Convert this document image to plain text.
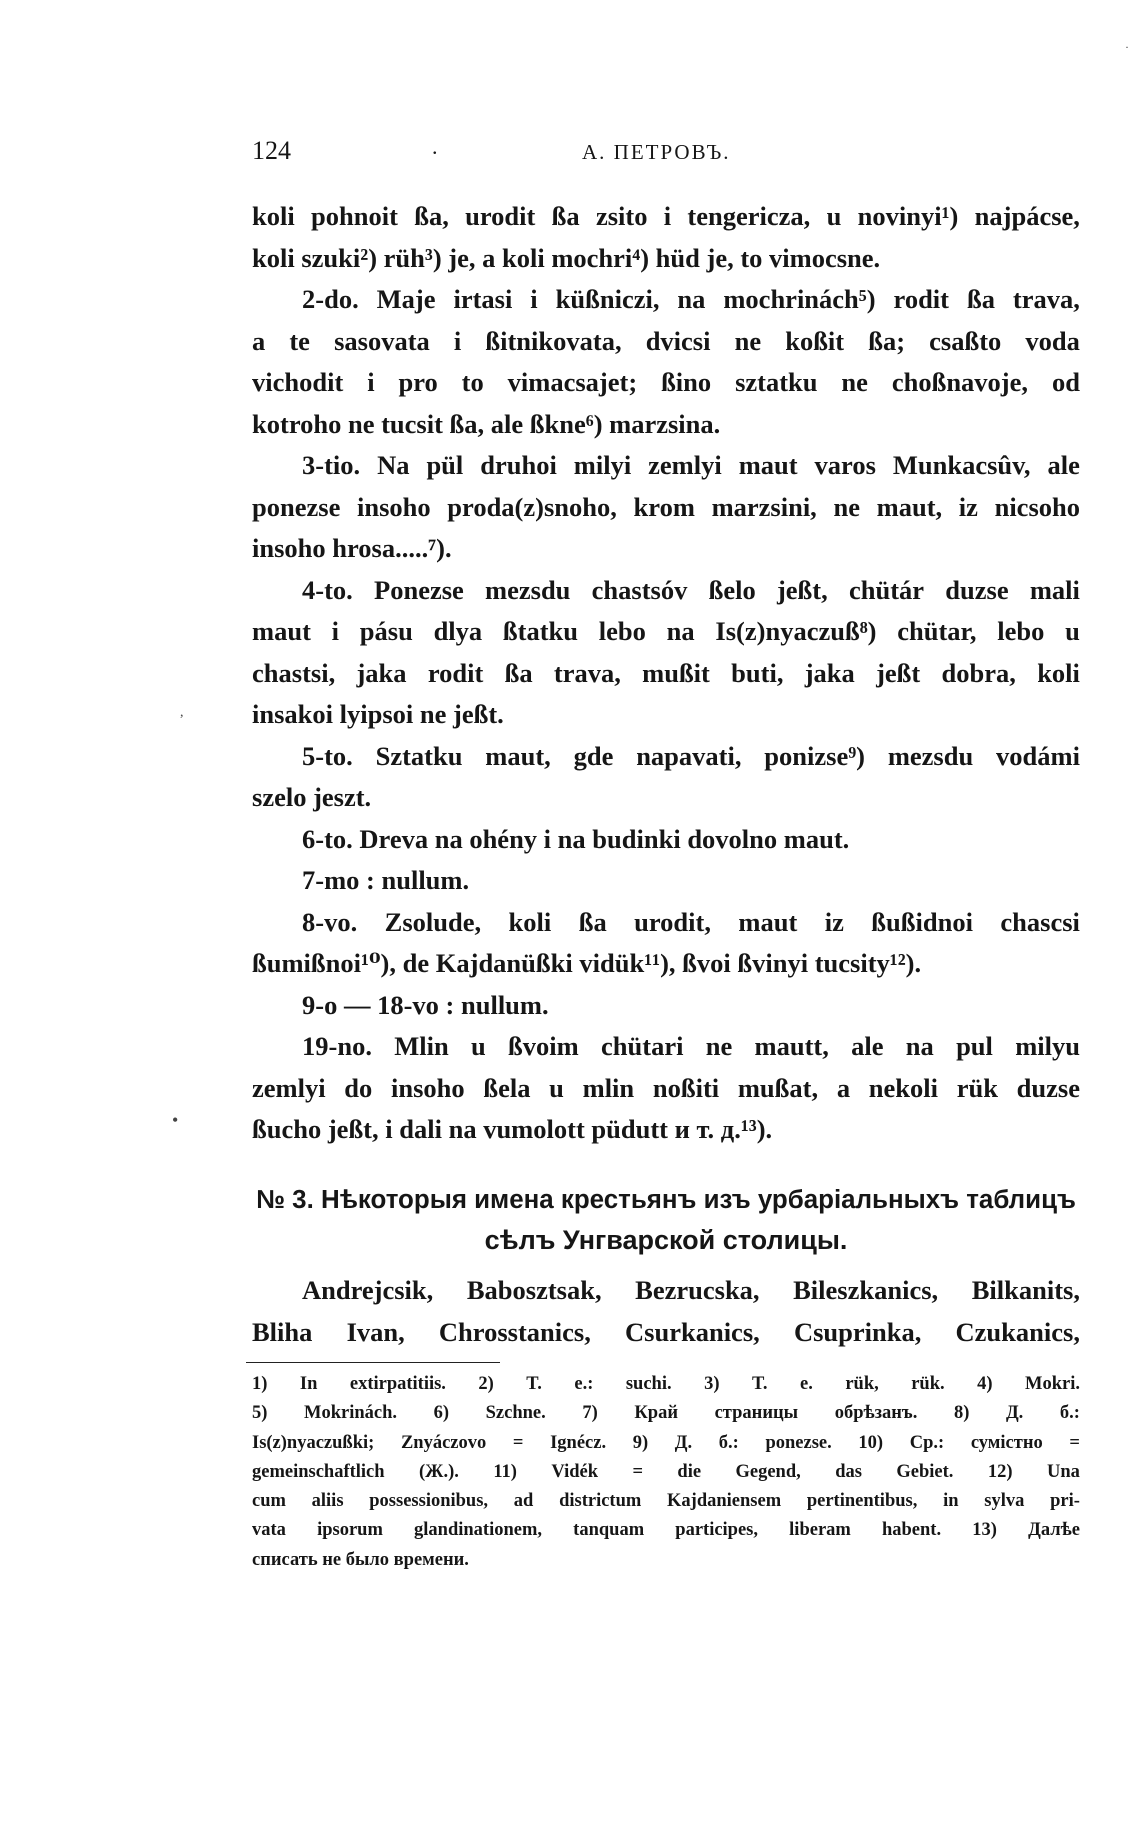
124	.	А. ПЕТРОВЪ.
koli pohnoit ßa, urodit ßa zsito i tengericza, u novinyi¹) najpácse,
koli szuki²) rüh³) je, a koli mochri⁴) hüd je, to vimocsne.
2-do. Maje irtasi i küßniczi, na mochrinách⁵) rodit ßa trava,
a te sasovata i ßitnikovata, dvicsi ne koßit ßa; csaßto voda
vichodit i pro to vimacsajet; ßino sztatku ne choßnavoje, od
kotroho ne tucsit ßa, ale ßkne⁶) marzsina.
3-tio. Na pül druhoi milyi zemlyi maut varos Munkacsûv, ale
ponezse insoho proda(z)snoho, krom marzsini, ne maut, iz nicsoho
insoho hrosa.....⁷).
4-to. Ponezse mezsdu chastsóv ßelo jeßt, chütár duzse mali
maut i pásu dlya ßtatku lebo na Is(z)nyaczuß⁸) chütar, lebo u
chastsi, jaka rodit ßa trava, mußit buti, jaka jeßt dobra, koli
insakoi lyipsoi ne jeßt.
5-to. Sztatku maut, gde napavati, ponizse⁹) mezsdu vodámi
szelo jeszt.
6-to. Dreva na ohény i na budinki dovolno maut.
7-mo : nullum.
8-vo. Zsolude, koli ßa urodit, maut iz ßußidnoi chascsi
ßumißnoi¹⁰), de Kajdanüßki vidük¹¹), ßvoi ßvinyi tucsity¹²).
9-o — 18-vo : nullum.
19-no. Mlin u ßvoim chütari ne mautt, ale na pul milyu
zemlyi do insoho ßela u mlin noßiti mußat, a nekoli rük duzse
ßucho jeßt, i dali na vumolott püdutt и т. д.¹³).
№ 3. Нѣкоторыя имена крестьянъ изъ урбаріальныхъ таблицъ
сѣлъ Унгварской столицы.
Andrejcsik, Babosztsak, Bezrucska, Bileszkanics, Bilkanits,
Bliha Ivan, Chrosstanics, Csurkanics, Csuprinka, Czukanics,
1) In extirpatitiis. 2) T. e.: suchi. 3) T. e. rük, rük. 4) Mokri.
5) Mokrinách. 6) Szchne. 7) Край страницы обрѣзанъ. 8) Д. б.:
Is(z)nyaczußki; Znyáczovo = Ignécz. 9) Д. б.: ponezse. 10) Ср.: сумістно =
gemeinschaftlich (Ж.). 11) Vidék = die Gegend, das Gebiet. 12) Una
cum aliis possessionibus, ad districtum Kajdaniensem pertinentibus, in sylva pri-
vata ipsorum glandinationem, tanquam participes, liberam habent. 13) Далѣе
списать не было времени.
·
•
,
